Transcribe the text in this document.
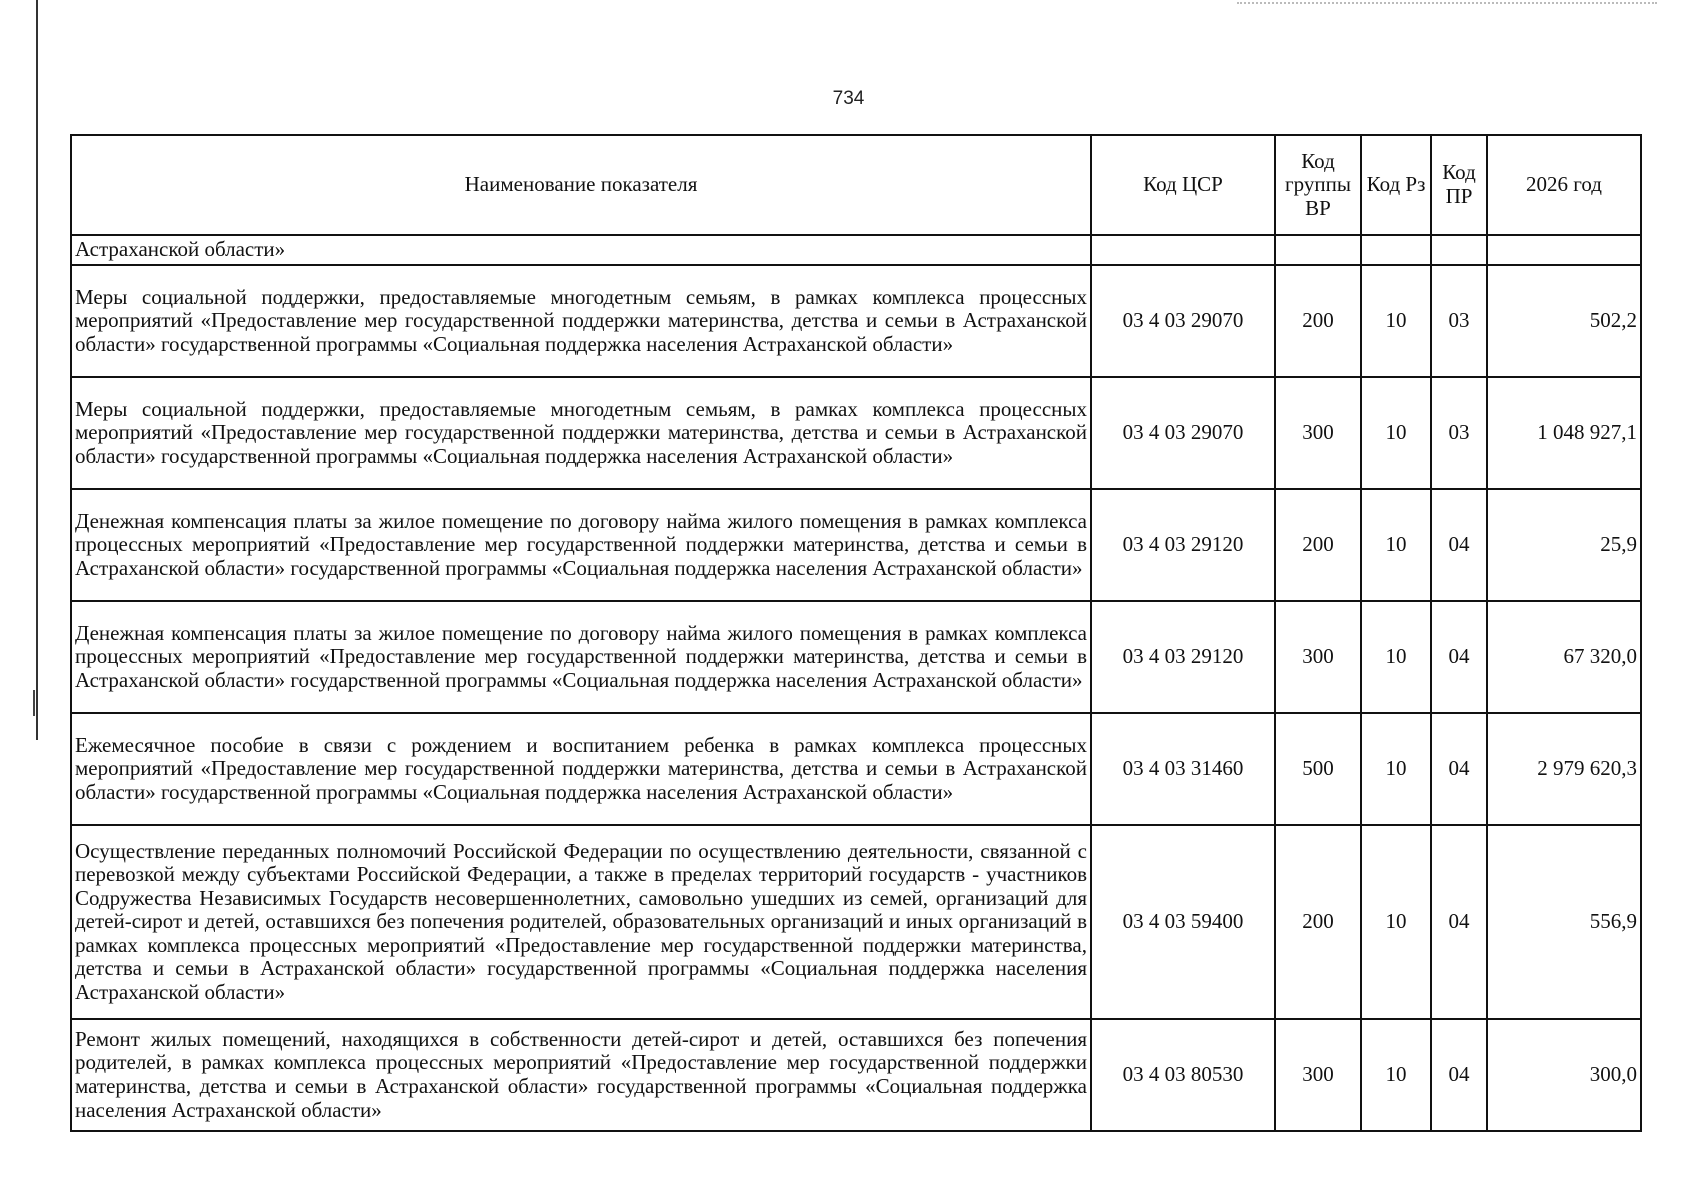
734
Наименование показателя	Код ЦСР	Код группы ВР	Код Рз	Код ПР	2026 год
Астраханской области»					
Меры социальной поддержки, предоставляемые многодетным семьям, в рамках комплекса процессных мероприятий «Предоставление мер государственной поддержки материнства, детства и семьи в Астраханской области» государственной программы «Социальная поддержка населения Астраханской области»	03 4 03 29070	200	10	03	502,2
Меры социальной поддержки, предоставляемые многодетным семьям, в рамках комплекса процессных мероприятий «Предоставление мер государственной поддержки материнства, детства и семьи в Астраханской области» государственной программы «Социальная поддержка населения Астраханской области»	03 4 03 29070	300	10	03	1 048 927,1
Денежная компенсация платы за жилое помещение по договору найма жилого помещения в рамках комплекса процессных мероприятий «Предоставление мер государственной поддержки материнства, детства и семьи в Астраханской области» государственной программы «Социальная поддержка населения Астраханской области»	03 4 03 29120	200	10	04	25,9
Денежная компенсация платы за жилое помещение по договору найма жилого помещения в рамках комплекса процессных мероприятий «Предоставление мер государственной поддержки материнства, детства и семьи в Астраханской области» государственной программы «Социальная поддержка населения Астраханской области»	03 4 03 29120	300	10	04	67 320,0
Ежемесячное пособие в связи с рождением и воспитанием ребенка в рамках комплекса процессных мероприятий «Предоставление мер государственной поддержки материнства, детства и семьи в Астраханской области» государственной программы «Социальная поддержка населения Астраханской области»	03 4 03 31460	500	10	04	2 979 620,3
Осуществление переданных полномочий Российской Федерации по осуществлению деятельности, связанной с перевозкой между субъектами Российской Федерации, а также в пределах территорий государств - участников Содружества Независимых Государств несовершеннолетних, самовольно ушедших из семей, организаций для детей-сирот и детей, оставшихся без попечения родителей, образовательных организаций и иных организаций в рамках комплекса процессных мероприятий «Предоставление мер государственной поддержки материнства, детства и семьи в Астраханской области» государственной программы «Социальная поддержка населения Астраханской области»	03 4 03 59400	200	10	04	556,9
Ремонт жилых помещений, находящихся в собственности детей-сирот и детей, оставшихся без попечения родителей, в рамках комплекса процессных мероприятий «Предоставление мер государственной поддержки материнства, детства и семьи в Астраханской области» государственной программы «Социальная поддержка населения Астраханской области»	03 4 03 80530	300	10	04	300,0
